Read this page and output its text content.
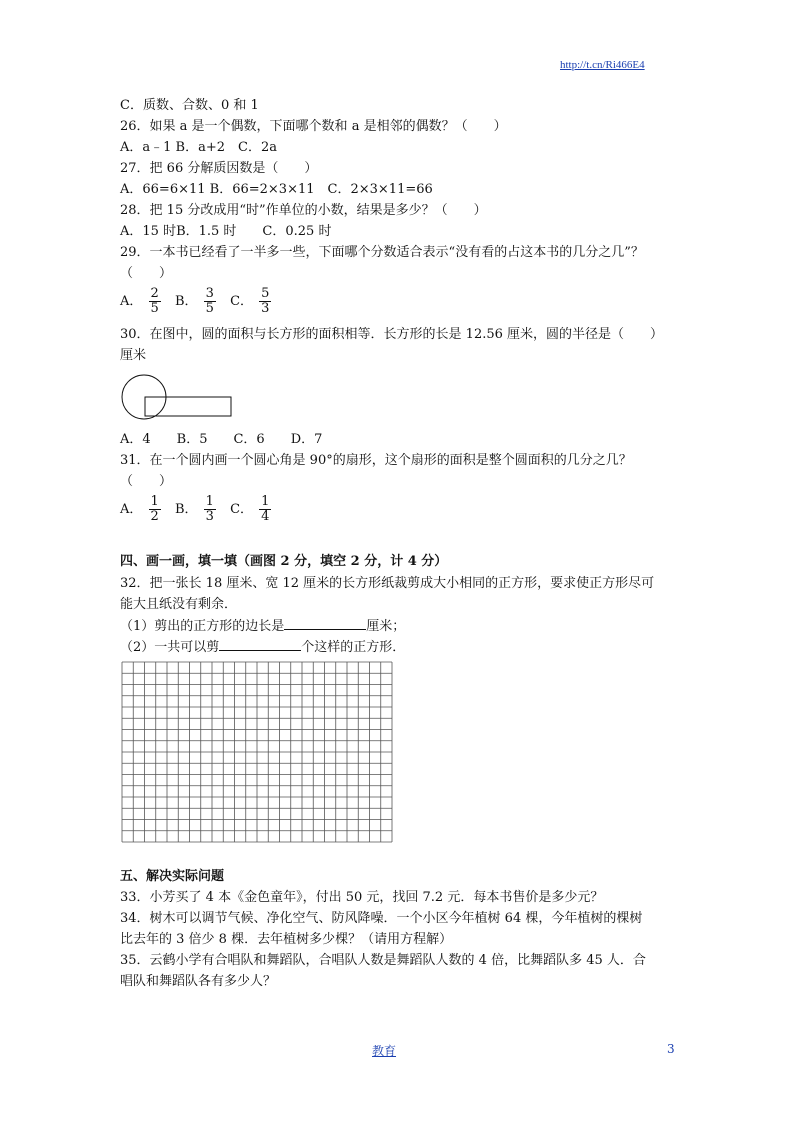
http://t.cn/Ri466E4
C．质数、合数、0 和 1
26．如果 a 是一个偶数，下面哪个数和 a 是相邻的偶数？（　　）
A．a﹣1 B．a+2　C．2a
27．把 66 分解质因数是（　　）
A．66=6×11 B．66=2×3×11　C．2×3×11=66
28．把 15 分改成用“时”作单位的小数，结果是多少？（　　）
A．15 时B．1.5 时　　C．0.25 时
29．一本书已经看了一半多一些，下面哪个分数适合表示“没有看的占这本书的几分之几”？
（　　）
A． $\frac{2}{5}$ B． $\frac{3}{5}$ C． $\frac{5}{3}$
30．在图中，圆的面积与长方形的面积相等．长方形的长是 12.56 厘米，圆的半径是（　　）
厘米
A．4　　B．5　　C．6　　D．7
31．在一个圆内画一个圆心角是 90°的扇形，这个扇形的面积是整个圆面积的几分之几？
（　　）
A． $\frac{1}{2}$ B． $\frac{1}{3}$ C． $\frac{1}{4}$
四、画一画，填一填（画图 2 分，填空 2 分，计 4 分）
32．把一张长 18 厘米、宽 12 厘米的长方形纸裁剪成大小相同的正方形，要求使正方形尽可
能大且纸没有剩余．
（1）剪出的正方形的边长是	厘米；
（2）一共可以剪	个这样的正方形．
五、解决实际问题
33．小芳买了 4 本《金色童年》，付出 50 元，找回 7.2 元．每本书售价是多少元？
34．树木可以调节气候、净化空气、防风降噪．一个小区今年植树 64 棵，今年植树的棵树
比去年的 3 倍少 8 棵．去年植树多少棵？（请用方程解）
35．云鹤小学有合唱队和舞蹈队，合唱队人数是舞蹈队人数的 4 倍，比舞蹈队多 45 人．合
唱队和舞蹈队各有多少人？
教育	3
